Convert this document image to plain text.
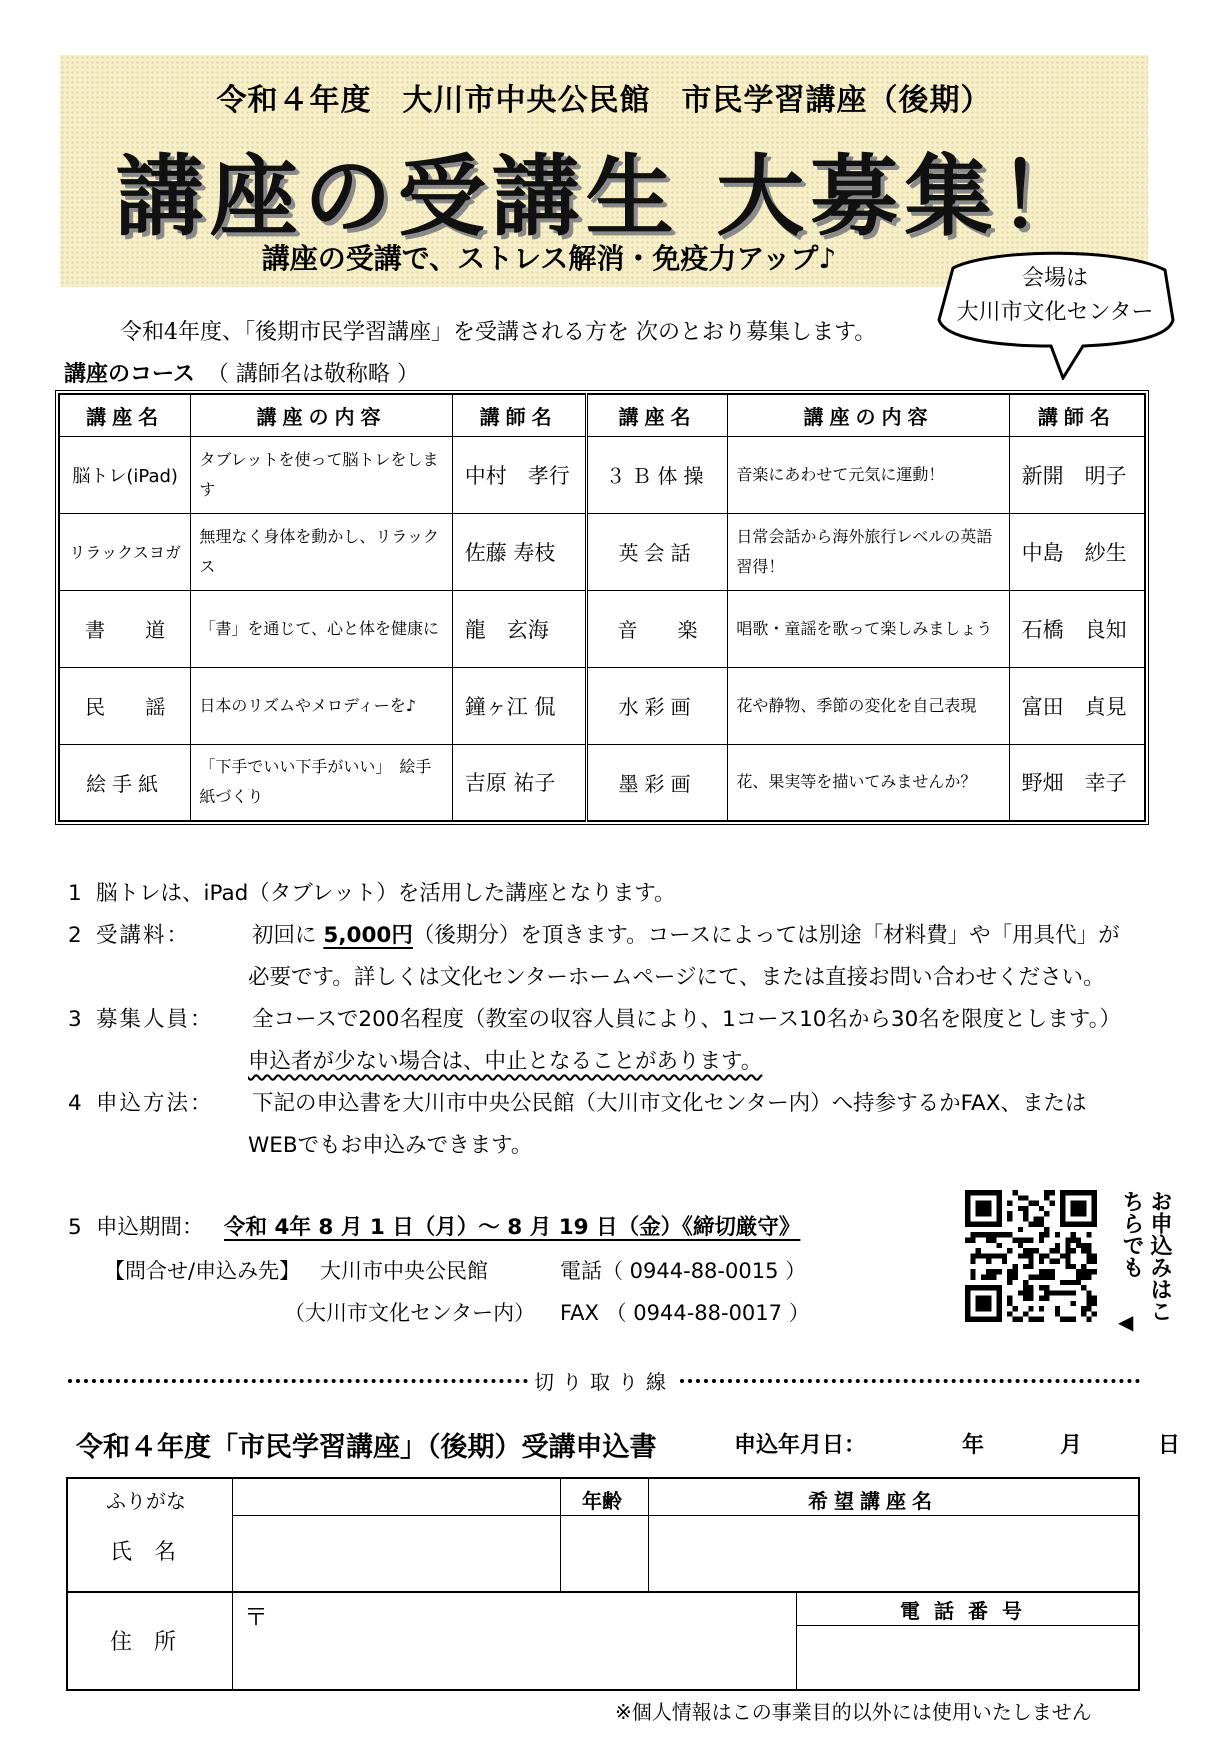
令和４年度　大川市中央公民館　市民学習講座（後期）
講座の受講生 大募集！
講座の受講で、ストレス解消・免疫力アップ♪
会場は
大川市文化センター
令和4年度、「後期市民学習講座」を受講される方を 次のとおり募集します。
講座のコース （ 講師名は敬称略 ）
講座名	講座の内容	講師名	講座名	講座の内容	講師名
脳トレ(iPad)	タブレットを使って脳トレをします	中村　孝行	３Ｂ体操	音楽にあわせて元気に運動！	新開　明子
リラックスヨガ	無理なく身体を動かし、リラックス	佐藤 寿枝	英会話	日常会話から海外旅行レベルの英語習得！	中島　紗生
書　　道	「書」を通じて、心と体を健康に	龍　玄海	音　　楽	唱歌・童謡を歌って楽しみましょう	石橋　良知
民　　謡	日本のリズムやメロディーを♪	鐘ヶ江 侃	水彩画	花や静物、季節の変化を自己表現	富田　貞見
絵手紙	「下手でいい下手がいい」　絵手紙づくり	吉原 祐子	墨彩画	花、果実等を描いてみませんか？	野畑　幸子
1 脳トレは、iPad（タブレット）を活用した講座となります。
2 受講料：	初回に
5,000円 （後期分）を頂きます。コースによっては別途「材料費」や「用具代」が
必要です。詳しくは文化センターホームページにて、または直接お問い合わせください。
3 募集人員：	全コースで200名程度（教室の収容人員により、1コース10名から30名を限度とします。）
申込者が少ない場合は、中止となることがあります。
4 申込方法：	下記の申込書を大川市中央公民館（大川市文化センター内）へ持参するかFAX、または
WEBでもお申込みできます。
5 申込期間： 令和 4年 8 月 1 日（月）～ 8 月 19 日（金）《締切厳守》
【問合せ/申込み先】 大川市中央公民館	電話（ 0944-88-0015 ）
（大川市文化センター内）	FAX （ 0944-88-0017 ）	お申込みはこちらでも
◀
切り取り線
令和４年度「市民学習講座」（後期）受講申込書	申込年月日：	年	月	日
ふりがな
氏　名
年齢	希望講座名
住　所
〒	電話番号
※個人情報はこの事業目的以外には使用いたしません
